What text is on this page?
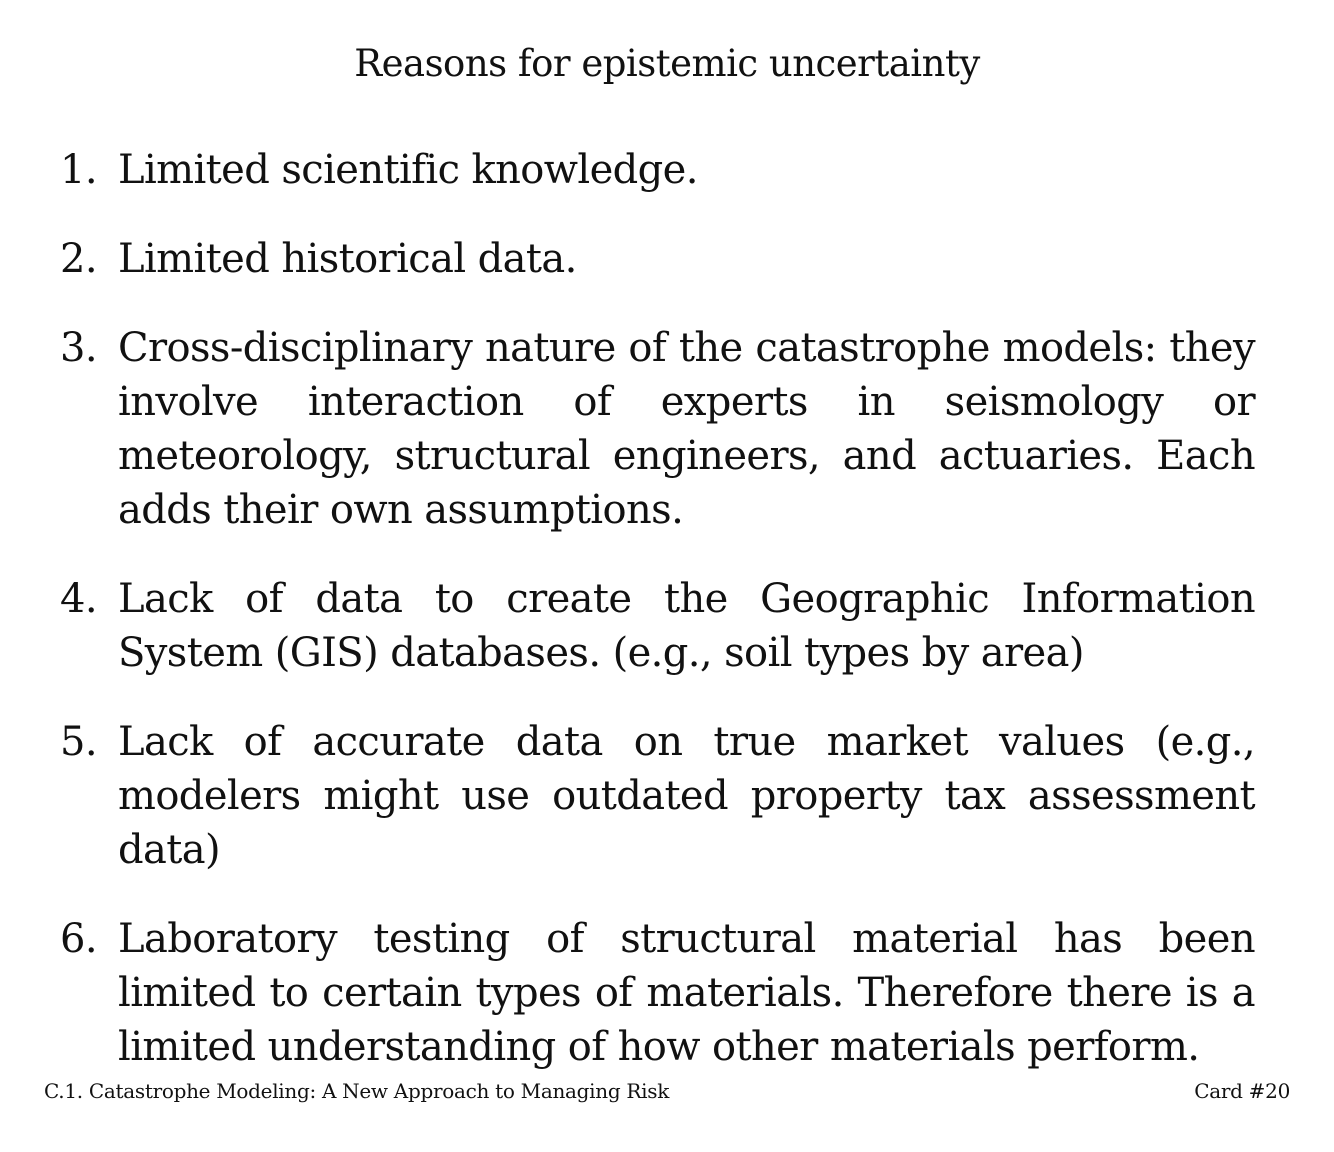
Reasons for epistemic uncertainty
1. Limited scientific knowledge.
2. Limited historical data.
3. Cross-disciplinary nature of the catastrophe models: they involve interaction of experts in seismology or meteorology, structural engineers, and actuaries. Each adds their own assumptions.
4. Lack of data to create the Geographic Information System (GIS) databases. (e.g., soil types by area)
5. Lack of accurate data on true market values (e.g., modelers might use outdated property tax assessment data)
6. Laboratory testing of structural material has been limited to certain types of materials. Therefore there is a limited understanding of how other materials perform.
C.1. Catastrophe Modeling: A New Approach to Managing Risk	Card #20
